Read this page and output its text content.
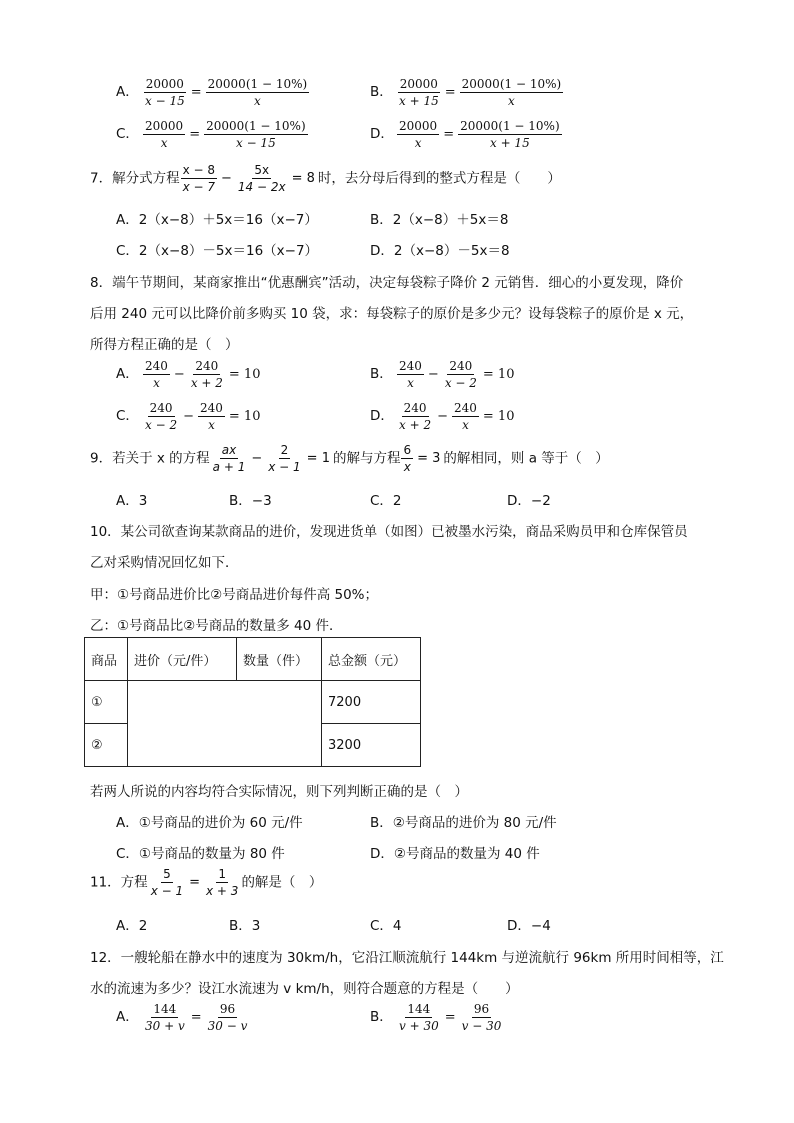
A． $\frac{20000}{x - 15} = \frac{20000(1 - 10\%)}{x}$	B． $\frac{20000}{x + 15} = \frac{20000(1 - 10\%)}{x}$
C． $\frac{20000}{x} = \frac{20000(1 - 10\%)}{x - 15}$	D． $\frac{20000}{x} = \frac{20000(1 - 10\%)}{x + 15}$
7．解分式方程 $\frac{x - 8}{x - 7} - \frac{5x}{14 - 2x} = 8$ 时，去分母后得到的整式方程是（　　）
A．2（x−8）＋5x＝16（x−7）	B．2（x−8）＋5x＝8
C．2（x−8）－5x＝16（x−7）	D．2（x−8）－5x＝8
8．端午节期间，某商家推出“优惠酬宾”活动，决定每袋粽子降价 2 元销售．细心的小夏发现，降价
后用 240 元可以比降价前多购买 10 袋，求：每袋粽子的原价是多少元？设每袋粽子的原价是 x 元，
所得方程正确的是（　）
A． $\frac{240}{x} - \frac{240}{x + 2} = 10$	B． $\frac{240}{x} - \frac{240}{x - 2} = 10$
C． $\frac{240}{x - 2} - \frac{240}{x} = 10$	D． $\frac{240}{x + 2} - \frac{240}{x} = 10$
9．若关于 x 的方程 $\frac{ax}{a + 1} - \frac{2}{x - 1} = 1$ 的解与方程 $\frac{6}{x} = 3$ 的解相同，则 a 等于（　）
A．3	B．−3	C．2	D．−2
10．某公司欲查询某款商品的进价，发现进货单（如图）已被墨水污染，商品采购员甲和仓库保管员
乙对采购情况回忆如下．
甲：①号商品进价比②号商品进价每件高 50%；
乙：①号商品比②号商品的数量多 40 件．
商品	进价（元/件）	数量（件）	总金额（元）
①			7200
②			3200
若两人所说的内容均符合实际情况，则下列判断正确的是（　）
A．①号商品的进价为 60 元/件	B．②号商品的进价为 80 元/件
C．①号商品的数量为 80 件	D．②号商品的数量为 40 件
11．方程 $\frac{5}{x - 1} = \frac{1}{x + 3}$ 的解是（　）
A．2	B．3	C．4	D．−4
12．一艘轮船在静水中的速度为 30km/h，它沿江顺流航行 144km 与逆流航行 96km 所用时间相等，江
水的流速为多少？设江水流速为 v km/h，则符合题意的方程是（　　）
A． $\frac{144}{30 + v} = \frac{96}{30 - v}$	B． $\frac{144}{v + 30} = \frac{96}{v - 30}$
